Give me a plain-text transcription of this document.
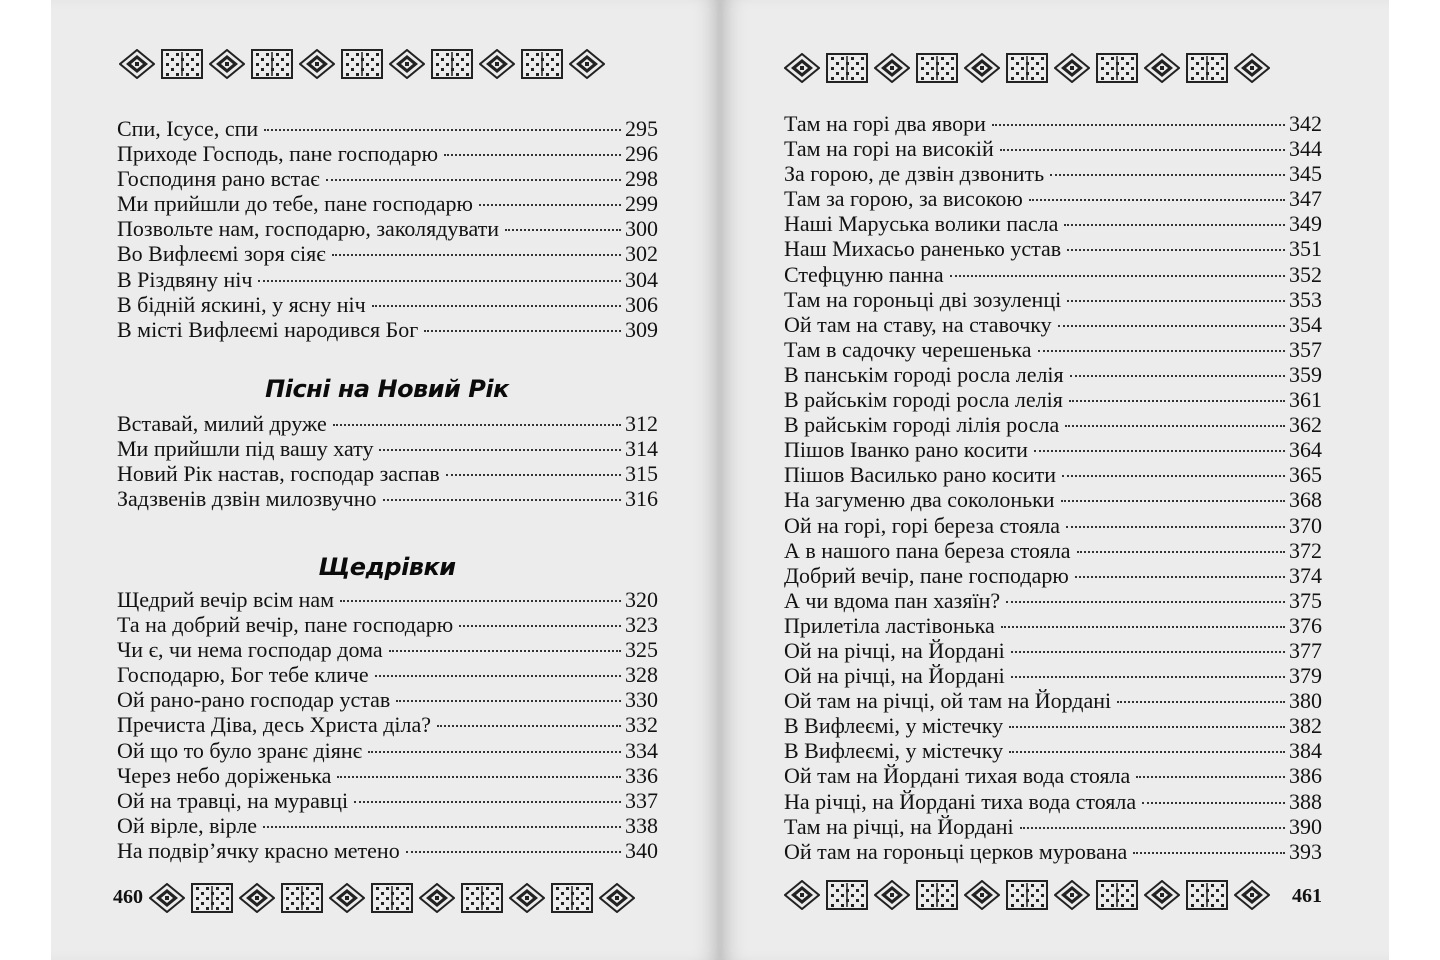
Спи, Ісусе, спи	295
Приходе Господь, пане господарю	296
Господиня рано встає	298
Ми прийшли до тебе, пане господарю	299
Позвольте нам, господарю, заколядувати	300
Во Вифлеємі зоря сіяє	302
В Різдвяну ніч	304
В бідній яскині, у ясну ніч	306
В місті Вифлеємі народився Бог	309
Пісні на Новий Рік
Вставай, милий друже	312
Ми прийшли під вашу хату	314
Новий Рік настав, господар заспав	315
Задзвенів дзвін милозвучно	316
Щедрівки
Щедрий вечір всім нам	320
Та на добрий вечір, пане господарю	323
Чи є, чи нема господар дома	325
Господарю, Бог тебе кличе	328
Ой рано-рано господар устав	330
Пречиста Діва, десь Христа діла?	332
Ой що то було зранє діянє	334
Через небо доріженька	336
Ой на травці, на муравці	337
Ой вірле, вірле	338
На подвір’ячку красно метено	340
460
Там на горі два явори	342
Там на горі на високій	344
За горою, де дзвін дзвонить	345
Там за горою, за високою	347
Наші Маруська волики пасла	349
Наш Михасьо раненько устав	351
Стефцуню панна	352
Там на гороньці дві зозуленці	353
Ой там на ставу, на ставочку	354
Там в садочку черешенька	357
В панськім городі росла лелія	359
В райськім городі росла лелія	361
В райськім городі лілія росла	362
Пішов Іванко рано косити	364
Пішов Василько рано косити	365
На загуменю два соколоньки	368
Ой на горі, горі береза стояла	370
А в нашого пана береза стояла	372
Добрий вечір, пане господарю	374
А чи вдома пан хазяїн?	375
Прилетіла ластівонька	376
Ой на річці, на Йордані	377
Ой на річці, на Йордані	379
Ой там на річці, ой там на Йордані	380
В Вифлеємі, у містечку	382
В Вифлеємі, у містечку	384
Ой там на Йордані тихая вода стояла	386
На річці, на Йордані тиха вода стояла	388
Там на річці, на Йордані	390
Ой там на гороньці церков мурована	393
461
